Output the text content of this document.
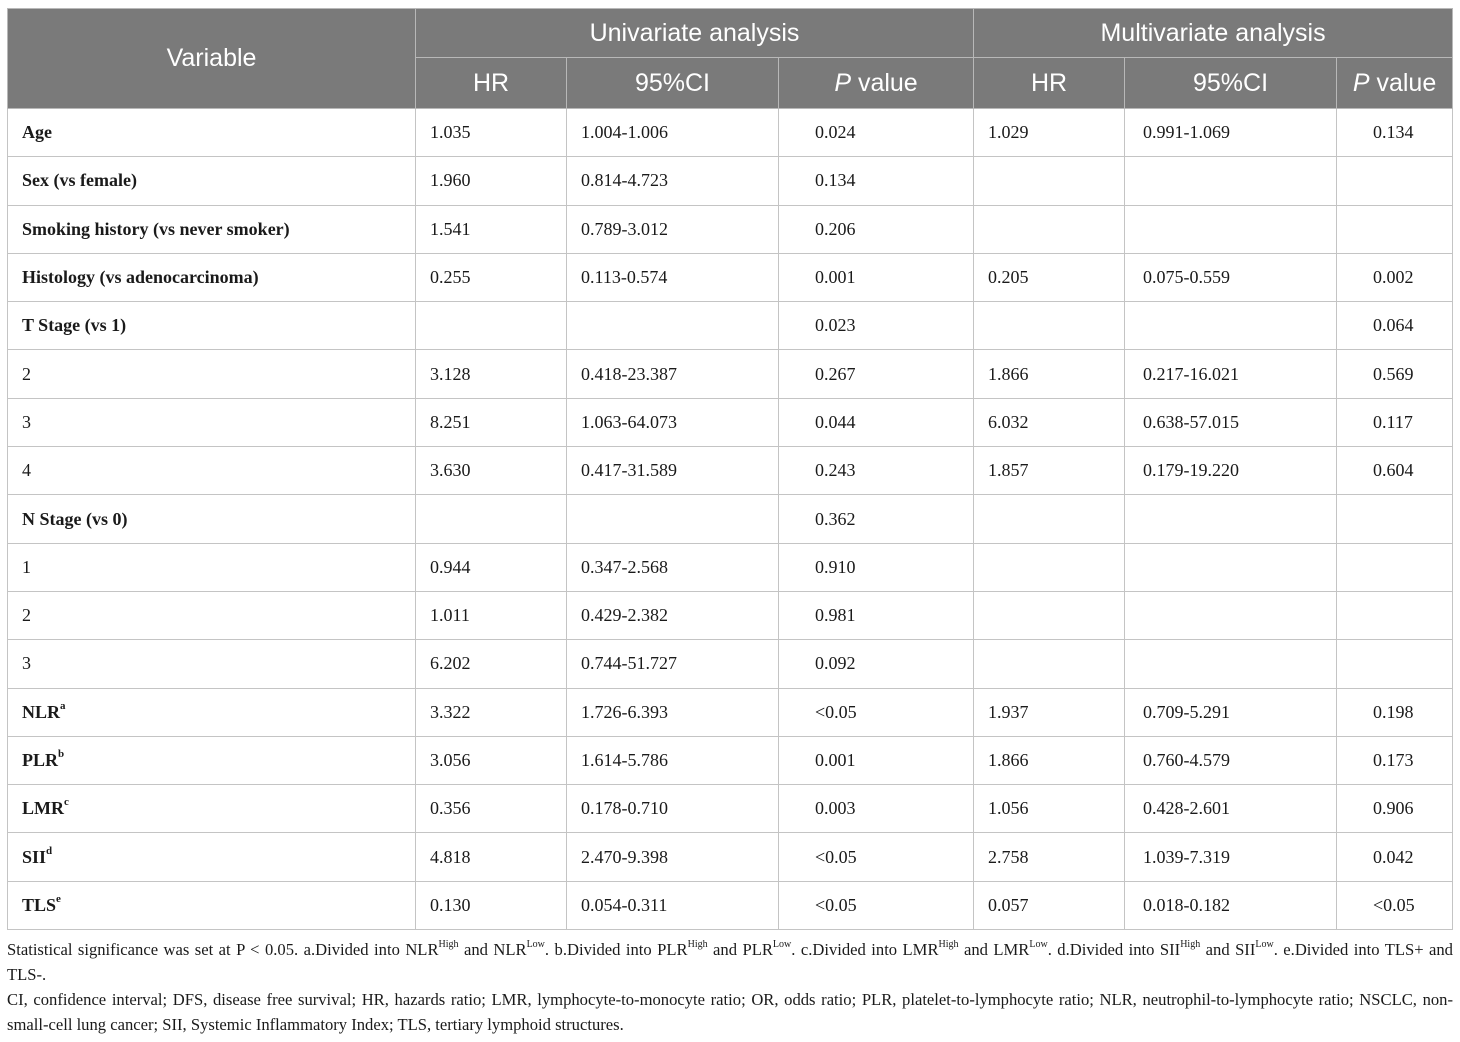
Variable	Univariate analysis			Multivariate analysis		
	HR	95%CI	P value	HR	95%CI	P value
Age	1.035	1.004-1.006	0.024	1.029	0.991-1.069	0.134
Sex (vs female)	1.960	0.814-4.723	0.134			
Smoking history (vs never smoker)	1.541	0.789-3.012	0.206			
Histology (vs adenocarcinoma)	0.255	0.113-0.574	0.001	0.205	0.075-0.559	0.002
T Stage (vs 1)			0.023			0.064
2	3.128	0.418-23.387	0.267	1.866	0.217-16.021	0.569
3	8.251	1.063-64.073	0.044	6.032	0.638-57.015	0.117
4	3.630	0.417-31.589	0.243	1.857	0.179-19.220	0.604
N Stage (vs 0)			0.362			
1	0.944	0.347-2.568	0.910			
2	1.011	0.429-2.382	0.981			
3	6.202	0.744-51.727	0.092			
NLR$^a$	3.322	1.726-6.393	<0.05	1.937	0.709-5.291	0.198
PLR$^b$	3.056	1.614-5.786	0.001	1.866	0.760-4.579	0.173
LMR$^c$	0.356	0.178-0.710	0.003	1.056	0.428-2.601	0.906
SII$^d$	4.818	2.470-9.398	<0.05	2.758	1.039-7.319	0.042
TLS$^e$	0.130	0.054-0.311	<0.05	0.057	0.018-0.182	<0.05

Statistical significance was set at P < 0.05. a.Divided into $NLR^{High}$ and $NLR^{Low}$. b.Divided into $PLR^{High}$ and $PLR^{Low}$. c.Divided into $LMR^{High}$ and $LMR^{Low}$. d.Divided into $SII^{High}$ and $SII^{Low}$. e.Divided into TLS+ and TLS-.

CI, confidence interval; DFS, disease free survival; HR, hazards ratio; LMR, lymphocyte-to-monocyte ratio; OR, odds ratio; PLR, platelet-to-lymphocyte ratio; NLR, neutrophil-to-lymphocyte ratio; NSCLC, non-small-cell lung cancer; SII, Systemic Inflammatory Index; TLS, tertiary lymphoid structures.
